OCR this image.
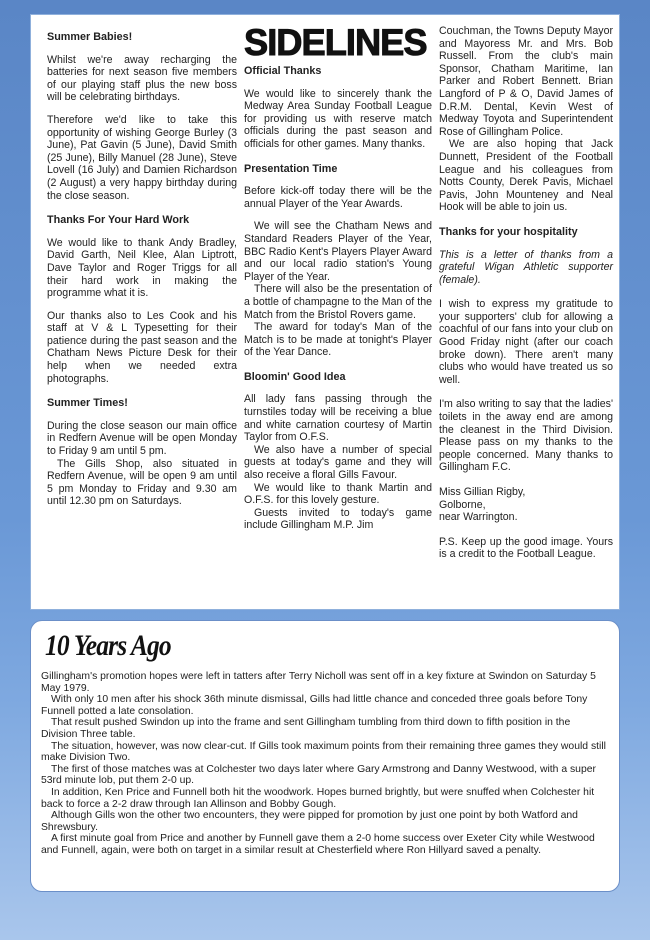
Summer Babies!
Whilst we're away recharging the batteries for next season five members of our playing staff plus the new boss will be celebrating birthdays.
Therefore we'd like to take this opportunity of wishing George Burley (3 June), Pat Gavin (5 June), David Smith (25 June), Billy Manuel (28 June), Steve Lovell (16 July) and Damien Richardson (2 August) a very happy birthday during the close season.
Thanks For Your Hard Work
We would like to thank Andy Bradley, David Garth, Neil Klee, Alan Liptrott, Dave Taylor and Roger Triggs for all their hard work in making the programme what it is.
Our thanks also to Les Cook and his staff at V & L Typesetting for their patience during the past season and the Chatham News Picture Desk for their help when we needed extra photographs.
Summer Times!
During the close season our main office in Redfern Avenue will be open Monday to Friday 9 am until 5 pm.
The Gills Shop, also situated in Redfern Avenue, will be open 9 am until 5 pm Monday to Friday and 9.30 am until 12.30 pm on Saturdays.
SIDELINES
Official Thanks
We would like to sincerely thank the Medway Area Sunday Football League for providing us with reserve match officials during the past season and officials for other games. Many thanks.
Presentation Time
Before kick-off today there will be the annual Player of the Year Awards.
We will see the Chatham News and Standard Readers Player of the Year, BBC Radio Kent's Players Player Award and our local radio station's Young Player of the Year.
There will also be the presentation of a bottle of champagne to the Man of the Match from the Bristol Rovers game.
The award for today's Man of the Match is to be made at tonight's Player of the Year Dance.
Bloomin' Good Idea
All lady fans passing through the turnstiles today will be receiving a blue and white carnation courtesy of Martin Taylor from O.F.S.
We also have a number of special guests at today's game and they will also receive a floral Gills Favour.
We would like to thank Martin and O.F.S. for this lovely gesture.
Guests invited to today's game include Gillingham M.P. Jim
Couchman, the Towns Deputy Mayor and Mayoress Mr. and Mrs. Bob Russell. From the club's main Sponsor, Chatham Maritime, Ian Parker and Robert Bennett. Brian Langford of P & O, David James of D.R.M. Dental, Kevin West of Medway Toyota and Superintendent Rose of Gillingham Police.
We are also hoping that Jack Dunnett, President of the Football League and his colleagues from Notts County, Derek Pavis, Michael Pavis, John Mounteney and Neal Hook will be able to join us.
Thanks for your hospitality
This is a letter of thanks from a grateful Wigan Athletic supporter (female).
I wish to express my gratitude to your supporters' club for allowing a coachful of our fans into your club on Good Friday night (after our coach broke down). There aren't many clubs who would have treated us so well.
I'm also writing to say that the ladies' toilets in the away end are among the cleanest in the Third Division. Please pass on my thanks to the people concerned. Many thanks to Gillingham F.C.
Miss Gillian Rigby,
Golborne,
near Warrington.
P.S. Keep up the good image. Yours is a credit to the Football League.
10 Years Ago
Gillingham's promotion hopes were left in tatters after Terry Nicholl was sent off in a key fixture at Swindon on Saturday 5 May 1979.
With only 10 men after his shock 36th minute dismissal, Gills had little chance and conceded three goals before Tony Funnell potted a late consolation.
That result pushed Swindon up into the frame and sent Gillingham tumbling from third down to fifth position in the Division Three table.
The situation, however, was now clear-cut. If Gills took maximum points from their remaining three games they would still make Division Two.
The first of those matches was at Colchester two days later where Gary Armstrong and Danny Westwood, with a super 53rd minute lob, put them 2-0 up.
In addition, Ken Price and Funnell both hit the woodwork. Hopes burned brightly, but were snuffed when Colchester hit back to force a 2-2 draw through Ian Allinson and Bobby Gough.
Although Gills won the other two encounters, they were pipped for promotion by just one point by both Watford and Shrewsbury.
A first minute goal from Price and another by Funnell gave them a 2-0 home success over Exeter City while Westwood and Funnell, again, were both on target in a similar result at Chesterfield where Ron Hillyard saved a penalty.
